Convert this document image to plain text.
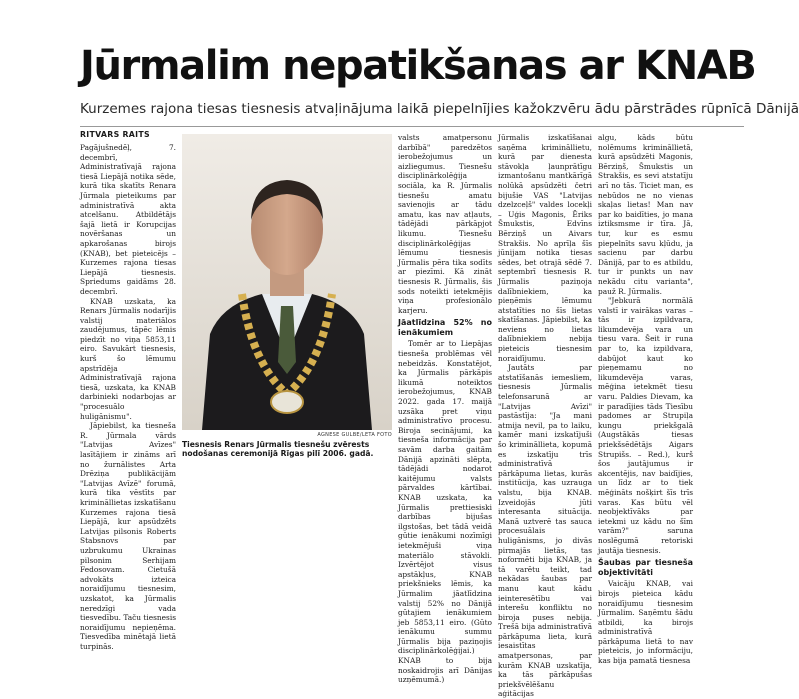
Jūrmalim nepatikšanas ar KNAB
Kurzemes rajona tiesas tiesnesis atvaļinājuma laikā piepelnījies kažokzvēru ādu pārstrādes rūpnīcā Dānijā
RITVARS RAITS

Pagājušnedēļ, 7. decembrī, Administratīvajā rajona tiesā Liepājā notika sēde, kurā tika skatīts Renara Jūrmala pieteikums par administratīvā akta atcelšanu. Atbildētājs šajā lietā ir Korupcijas novēršanas un apkarošanas birojs (KNAB), bet pieteicējs – Kurzemes rajona tiesas Liepājā tiesnesis. Spriedums gaidāms 28. decembrī.

KNAB uzskata, ka Renars Jūrmalis nodarījis valstij materiālos zaudējumus, tāpēc lēmis piedzīt no viņa 5853,11 eiro. Savukārt tiesnesis, kurš šo lēmumu apstrīdēja Administratīvajā rajona tiesā, uzskata, ka KNAB darbinieki nodarbojas ar "procesuālo huligānismu".

Jāpiebilst, ka tiesneša R. Jūrmala vārds "Latvijas Avīzes" lasītājiem ir zināms arī no žurnālistes Arta Drēziņa publikācijām "Latvijas Avīzē" forumā, kurā tika vēstīts par krimināllietas izskatīšanu Kurzemes rajona tiesā Liepājā, kur apsūdzēts Latvijas pilsonis Roberts Stabsnovs par uzbrukumu Ukrainas pilsonim Serhijam Fedosovam. Cietušā advokāts izteica noraidījumu tiesnesim, uzskatot, ka Jūrmalis neredzīgi vada tiesvedību. Taču tiesnesis noraidījumu nepieņēma. Tiesvedība minētajā lietā turpinās.

AGNESE GULBE/LETA FOTO
Tiesnesis Renars Jūrmalis tiesnešu zvērests nodošanas ceremonijā Rīgas pilī 2006. gadā.

valsts amatpersonu darbībā" paredzētos ierobežojumus un aizliegumus. Tiesnešu disciplinārkolēģija sociāla, ka R. Jūrmalis tiesnešu amatu savienojis ar tādu amatu, kas nav atļauts, tādējādi pārkāpjot likumu. Tiesnešu disciplinārkolēģijas lēmumu tiesnesis Jūrmalis pēra tika sodīts ar piezīmi. Kā zināt tiesnesis R. Jūrmalis, šis sods noteikti ietekmējis viņa profesionālo karjeru.

Jāatlīdzina 52% no ienākumiem

Tomēr ar to Liepājas tiesneša problēmas vēl nebeidzās. Konstatējot, ka Jūrmalis pārkāpis likumā noteiktos ierobežojumus, KNAB 2022. gada 17. maijā uzsāka pret viņu administratīvo procesu. Biroja secinājumi, ka tiesneša informācija par savām darba gaitām Dānijā apzināti slēpta, tādējādi nodarot kaitējumu valsts pārvaldes kārtībai. KNAB uzskata, ka Jūrmalis prettiesiski darbības bijušas ilgstošas, bet tādā veidā gūtie ienākumi nozīmīgi ietekmējuši viņa materiālo stāvokli. Izvērtējot visus apstākļus, KNAB priekšnieks lēmis, ka Jūrmalim jāatlīdzina valstij 52% no Dānijā gūtajiem ienākumiem jeb 5853,11 eiro. (Gūto ienākumu summu Jūrmalis bija paziņojis disciplinārkolēģijai.) KNAB to bija noskaidrojis arī Dānijas uzņēmumā.)

Jūrmalis izskatīšanai saņēma krimināllietu, kurā par dienesta stāvokļa ļaunprātīgu izmantošanu mantkārīgā nolūkā apsūdzēti četri bijušie VAS "Latvijas dzelzceļš" valdes locekļi – Uģis Magonis, Ēriks Šmukstis, Edvīns Bērziņš un Aivars Strakšis. No aprīļa šīs jūnijam notika tiesas sēdes, bet otrajā sēdē 7. septembrī tiesnesis R. Jūrmalis paziņoja dalībniekiem, ka pieņēmis lēmumu atstatīties no šīs lietas skatīšanas. Jāpiebilst, ka neviens no lietas dalībniekiem nebija pieteicis tiesnesim noraidījumu.

Jautāts par atstatīšanās iemesliem, tiesnesis Jūrmalis telefonsarunā ar "Latvijas Avīzi" pastāstīja: "Ja mani atmija nevil, pa to laiku, kamēr mani izskatījuši šo krimināllieta, kopumā es izskatīju trīs administratīvā pārkāpuma lietas, kurās institūcija, kas uzrauga valstu, bija KNAB. Izveidojās jūti interesanta situācija. Manā uztverē tas sauca procesuālais huligānisms, jo divās pirmajās lietās, tas noformēti bija KNAB, ja tā varētu teikt, tad nekādas šaubas par manu kaut kādu ieinteresētību vai interešu konfliktu no biroja puses nebija. Trešā bija administratīvā pārkāpuma lieta, kurā iesaistītas amatpersonas, par kurām KNAB uzskatīja, ka tās pārkāpušas priekšvēlēšanu aģitācijas

algu, kāds būtu nolēmums krimināllietā, kurā apsūdzēti Magonis, Bērziņš, Šmukstis un Strakšis, es sevi atstatīju arī no tās. Ticiet man, es nebūdos ne no vienas skaļas lietas! Man nav par ko baidīties, jo mana iztiksmsme ir tīra. Jā, tur, kur es esmu piepelnīts savu kļūdu, ja sacienu par darbu Dānijā, par to es atbildu, tur ir punkts un nav nekādu citu varianta", pauž R. Jūrmalis.

"Jebkurā normālā valstī ir vairākas varas – tās ir izpildvara, likumdevēja vara un tiesu vara. Šeit ir runa par to, ka izpildvara, dabūjot kaut ko pieņemamu no likumdevēja varas, mēģina ietekmēt tiesu varu. Paldies Dievam, ka ir paradījies tāds Tiesību padomes ar Strupiļa kungu priekšgalā (Augstākās tiesas priekšsēdētājs Aigars Strupišs. – Red.), kurš šos jautājumus ir akcentējis, nav baidījies, un līdz ar to tiek mēģināts nošķirt šīs trīs varas. Kas būtu vēl neobjektīvāks par ietekmi uz kādu no šīm varām?" saruna noslēgumā retoriski jautāja tiesnesis.

Šaubas par tiesneša objektivitāti

Vaicāju KNAB, vai birojs pieteica kādu noraidījumu tiesnesim Jūrmalim. Saņēmtu šādu atbildi, ka birojs administratīvā pārkāpuma lietā to nav pieteicis, jo informāciju, kas bija pamatā tiesnesa
